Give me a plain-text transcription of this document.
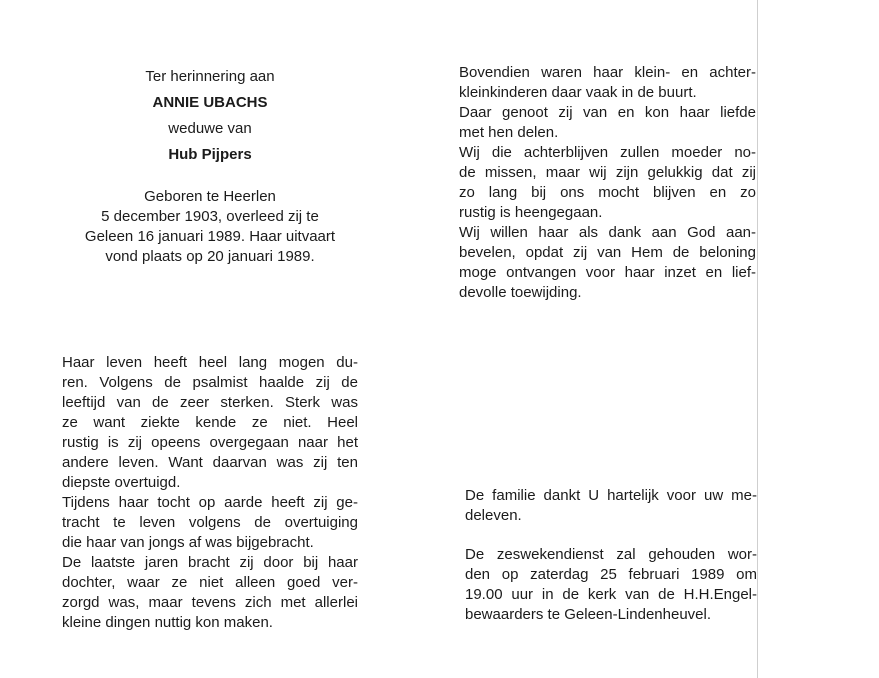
Ter herinnering aan
ANNIE UBACHS
weduwe van
Hub Pijpers
Geboren te Heerlen
5 december 1903, overleed zij te
Geleen 16 januari 1989. Haar uitvaart
vond plaats op 20 januari 1989.
Haar leven heeft heel lang mogen du-
ren. Volgens de psalmist haalde zij de
leeftijd van de zeer sterken. Sterk was
ze want ziekte kende ze niet. Heel
rustig is zij opeens overgegaan naar het
andere leven. Want daarvan was zij ten
diepste overtuigd.
Tijdens haar tocht op aarde heeft zij ge-
tracht te leven volgens de overtuiging
die haar van jongs af was bijgebracht.
De laatste jaren bracht zij door bij haar
dochter, waar ze niet alleen goed ver-
zorgd was, maar tevens zich met allerlei
kleine dingen nuttig kon maken.
Bovendien waren haar klein- en achter-
kleinkinderen daar vaak in de buurt.
Daar genoot zij van en kon haar liefde
met hen delen.
Wij die achterblijven zullen moeder no-
de missen, maar wij zijn gelukkig dat zij
zo lang bij ons mocht blijven en zo
rustig is heengegaan.
Wij willen haar als dank aan God aan-
bevelen, opdat zij van Hem de beloning
moge ontvangen voor haar inzet en lief-
devolle toewijding.
De familie dankt U hartelijk voor uw me-
deleven.
De zeswekendienst zal gehouden wor-
den op zaterdag 25 februari 1989 om
19.00 uur in de kerk van de H.H.Engel-
bewaarders te Geleen-Lindenheuvel.
